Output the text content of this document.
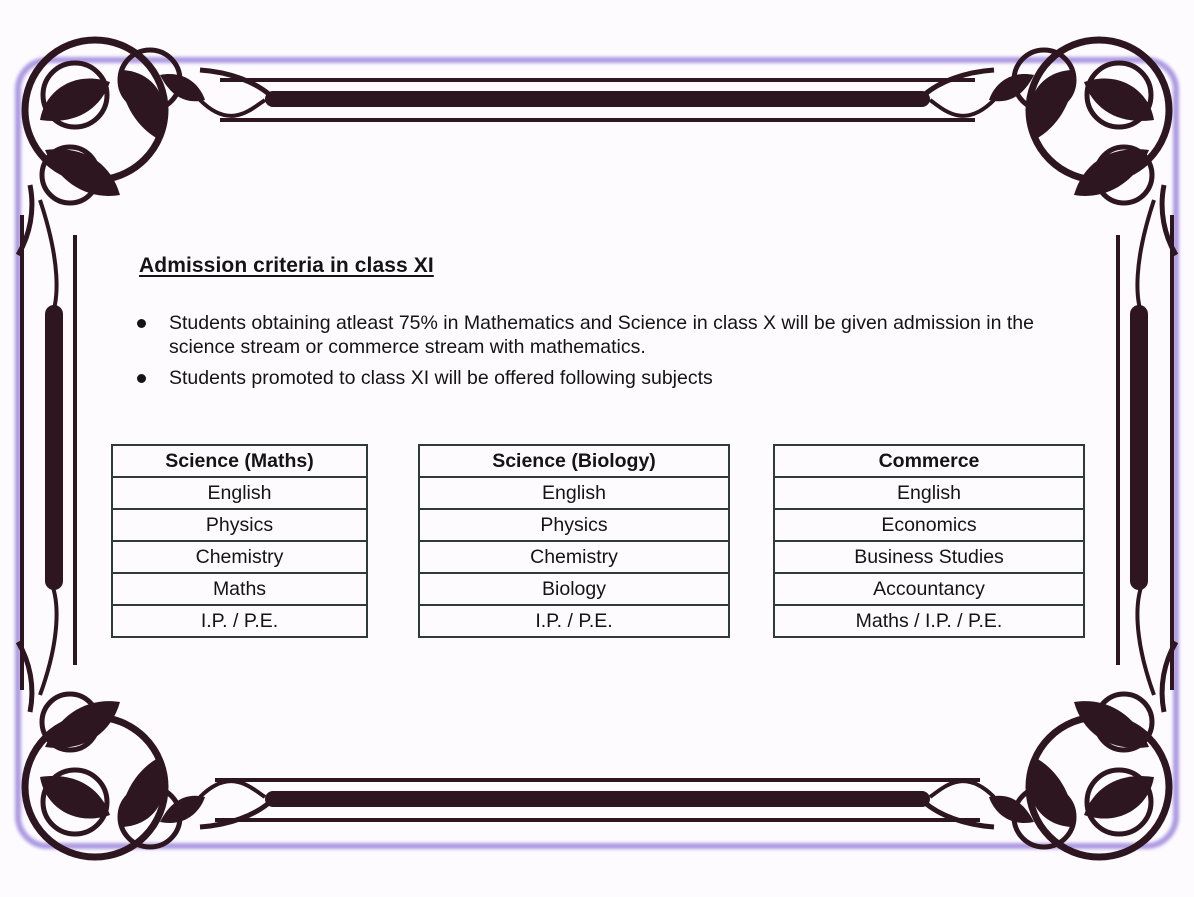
Admission criteria in class XI
Students obtaining atleast 75% in Mathematics and Science in class X will be given admission in the science stream or commerce stream with mathematics.
Students promoted to class XI will be offered following subjects
Science (Maths)
English
Physics
Chemistry
Maths
I.P. / P.E.
Science (Biology)
English
Physics
Chemistry
Biology
I.P. / P.E.
Commerce
English
Economics
Business Studies
Accountancy
Maths / I.P. / P.E.
